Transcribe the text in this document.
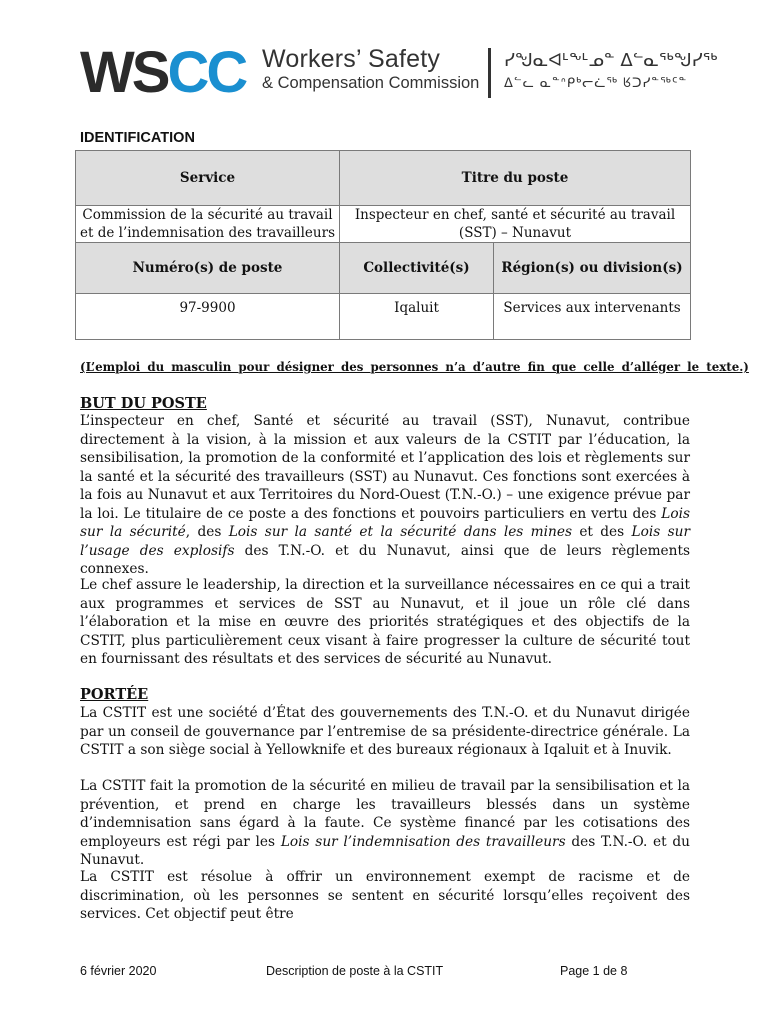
WSCC Workers’ Safety
& Compensation Commission
ᓯᖑᓇᐊᒻᖕᒻᓄᓐ ᐃᓪᓇᖅᖑᓯᖅ
ᐃᓪᓚ ᓇᓐᐢᑭᒃᓕᓛᖅ ᖉᑐᓯᓐᖅᑦᓐ
IDENTIFICATION
Service	Titre du poste	
Commission de la sécurité au travail et de l’indemnisation des travailleurs	Inspecteur en chef, santé et sécurité au travail (SST) – Nunavut	
Numéro(s) de poste	Collectivité(s)	Région(s) ou division(s)
97-9900	Iqaluit	Services aux intervenants
(L’emploi du masculin pour désigner des personnes n’a d’autre fin que celle d’alléger le texte.)
BUT DU POSTE
L’inspecteur en chef, Santé et sécurité au travail (SST), Nunavut, contribue directement à la vision, à la mission et aux valeurs de la CSTIT par l’éducation, la sensibilisation, la promotion de la conformité et l’application des lois et règlements sur la santé et la sécurité des travailleurs (SST) au Nunavut. Ces fonctions sont exercées à la fois au Nunavut et aux Territoires du Nord-Ouest (T.N.-O.) – une exigence prévue par la loi. Le titulaire de ce poste a des fonctions et pouvoirs particuliers en vertu des Lois sur la sécurité, des Lois sur la santé et la sécurité dans les mines et des Lois sur l’usage des explosifs des T.N.-O. et du Nunavut, ainsi que de leurs règlements connexes.
Le chef assure le leadership, la direction et la surveillance nécessaires en ce qui a trait aux programmes et services de SST au Nunavut, et il joue un rôle clé dans l’élaboration et la mise en œuvre des priorités stratégiques et des objectifs de la CSTIT, plus particulièrement ceux visant à faire progresser la culture de sécurité tout en fournissant des résultats et des services de sécurité au Nunavut.
PORTÉE
La CSTIT est une société d’État des gouvernements des T.N.-O. et du Nunavut dirigée par un conseil de gouvernance par l’entremise de sa présidente-directrice générale. La CSTIT a son siège social à Yellowknife et des bureaux régionaux à Iqaluit et à Inuvik.
La CSTIT fait la promotion de la sécurité en milieu de travail par la sensibilisation et la prévention, et prend en charge les travailleurs blessés dans un système d’indemnisation sans égard à la faute. Ce système financé par les cotisations des employeurs est régi par les Lois sur l’indemnisation des travailleurs des T.N.-O. et du Nunavut.
La CSTIT est résolue à offrir un environnement exempt de racisme et de discrimination, où les personnes se sentent en sécurité lorsqu’elles reçoivent des services. Cet objectif peut être
6 février 2020	Description de poste à la CSTIT	Page 1 de 8
